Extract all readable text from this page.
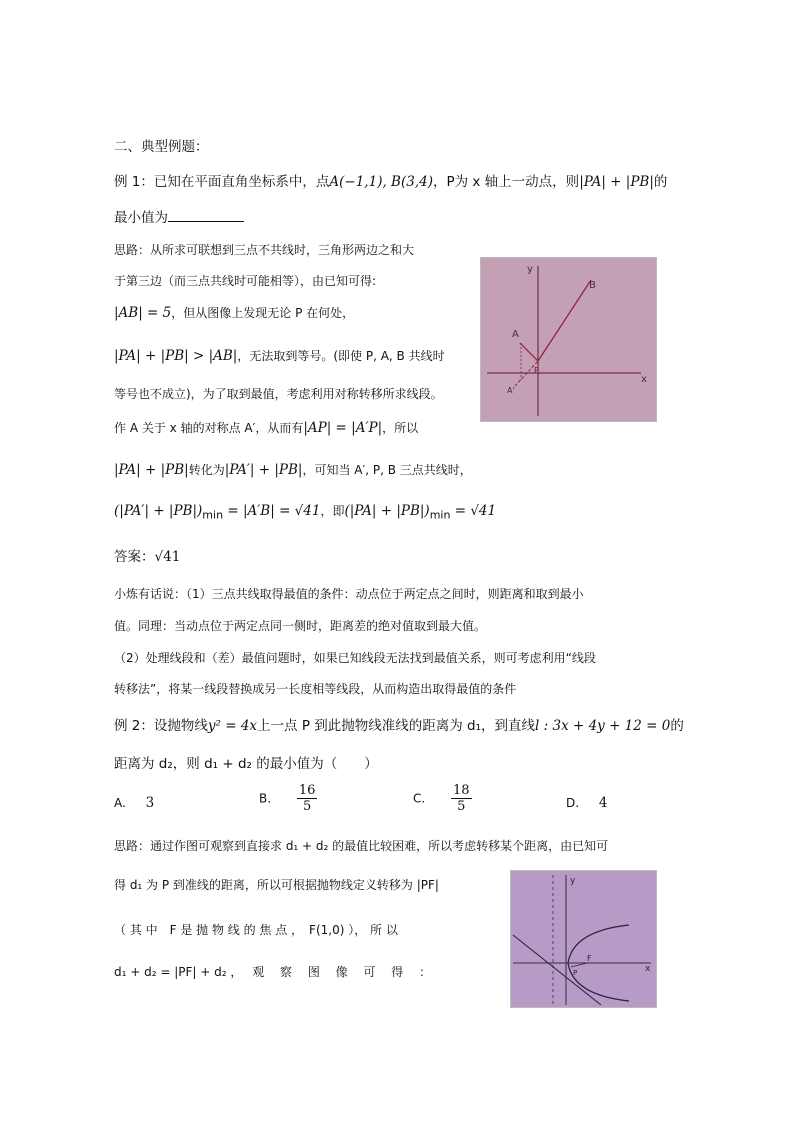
二、典型例题：
例 1：已知在平面直角坐标系中，点A(−1,1), B(3,4)，P为 x 轴上一动点，则|PA| + |PB|的
最小值为
思路：从所求可联想到三点不共线时，三角形两边之和大
于第三边（而三点共线时可能相等），由已知可得:
|AB| = 5，但从图像上发现无论 P 在何处，
|PA| + |PB| > |AB|，无法取到等号。(即使 P, A, B 共线时
等号也不成立)，为了取到最值，考虑利用对称转移所求线段。
作 A 关于 x 轴的对称点 A′，从而有|AP| = |A′P|，所以
|PA| + |PB|转化为|PA′| + |PB|，可知当 A′, P, B 三点共线时，
$(|PA'| + |PB|)_{min} = |A'B| = √41$，即$(|PA| + |PB|)_{min} = √41$
答案：√41
y
x
B
A
P
A'
小炼有话说：（1）三点共线取得最值的条件：动点位于两定点之间时，则距离和取到最小
值。同理：当动点位于两定点同一侧时，距离差的绝对值取到最大值。
（2）处理线段和（差）最值问题时，如果已知线段无法找到最值关系，则可考虑利用“线段
转移法”，将某一线段替换成另一长度相等线段，从而构造出取得最值的条件
例 2：设抛物线y² = 4x上一点 P 到此抛物线准线的距离为 d₁，到直线l : 3x + 4y + 12 = 0的
距离为 d₂，则 d₁ + d₂ 的最小值为（　　）
A. 3	B. $\frac{16}{5}$	C. $\frac{18}{5}$	D. 4
思路：通过作图可观察到直接求 d₁ + d₂ 的最值比较困难，所以考虑转移某个距离，由已知可
得 d₁ 为 P 到准线的距离，所以可根据抛物线定义转移为 |PF|
（ 其 中　F 是 抛 物 线 的 焦 点 ，　F(1,0) ）， 所 以
d₁ + d₂ = |PF| + d₂ ，　 观　 察　 图　 像　 可　 得　 ：
y
x
F
P
